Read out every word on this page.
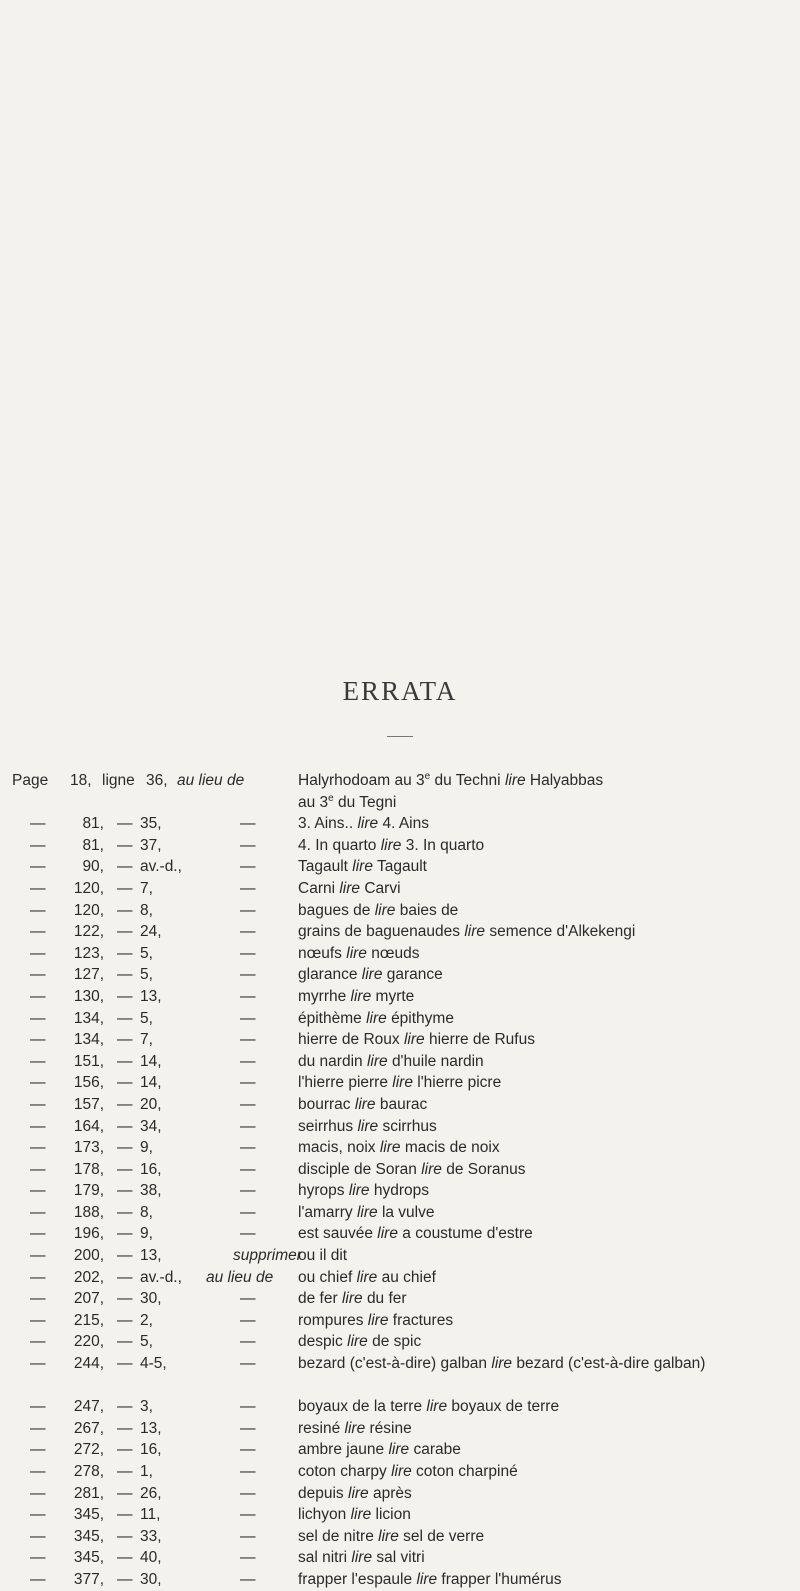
ERRATA
Page 18, ligne 36, au lieu de	Halyrhodoam au 3e du Techni lire Halyabbas
au 3e du Tegni
—	81, — 35,	—	3. Ains.. lire 4. Ains
—	81, — 37,	—	4. In quarto lire 3. In quarto
—	90, — av.-d.,	—	Tagault lire Tagault
—	120, — 7,	—	Carni lire Carvi
—	120, — 8,	—	bagues de lire baies de
—	122, — 24,	—	grains de baguenaudes lire semence d'Alkekengi
—	123, — 5,	—	nœufs lire nœuds
—	127, — 5,	—	glarance lire garance
—	130, — 13,	—	myrrhe lire myrte
—	134, — 5,	—	épithème lire épithyme
—	134, — 7,	—	hierre de Roux lire hierre de Rufus
—	151, — 14,	—	du nardin lire d'huile nardin
—	156, — 14,	—	l'hierre pierre lire l'hierre picre
—	157, — 20,	—	bourrac lire baurac
—	164, — 34,	—	seirrhus lire scirrhus
—	173, — 9,	—	macis, noix lire macis de noix
—	178, — 16,	—	disciple de Soran lire de Soranus
—	179, — 38,	—	hyrops lire hydrops
—	188, — 8,	—	l'amarry lire la vulve
—	196, — 9,	—	est sauvée lire a coustume d'estre
—	200, — 13,	supprimer
ou il dit
—	202, — av.-d., au lieu de ou chief lire au chief
—	207, — 30,	—	de fer lire du fer
—	215, — 2,	—	rompures lire fractures
—	220, — 5,	—	despic lire de spic
—	244, — 4-5,	—	bezard (c'est-à-dire) galban lire bezard (c'est-à-dire galban)
—	247, — 3,	—	boyaux de la terre lire boyaux de terre
—	267, — 13,	—	resiné lire résine
—	272, — 16,	—	ambre jaune lire carabe
—	278, — 1,	—	coton charpy lire coton charpiné
—	281, — 26,	—	depuis lire après
—	345, — 11,	—	lichyon lire licion
—	345, — 33,	—	sel de nitre lire sel de verre
—	345, — 40,	—	sal nitri lire sal vitri
—	377, — 30,	—	frapper l'espaule lire frapper l'humérus
